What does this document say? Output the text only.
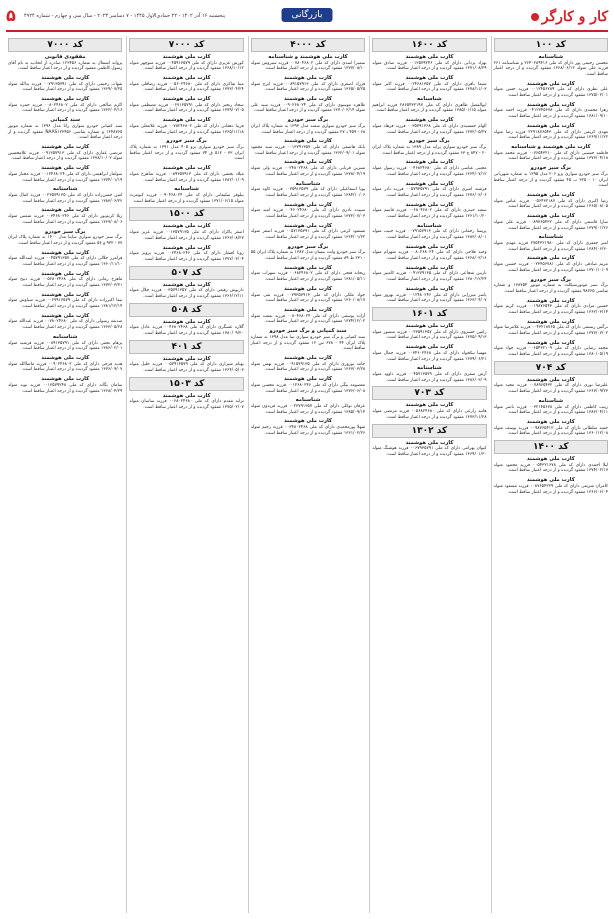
کار و کارگر
بازرگانی
پنجشنبه ۱۶ آذر ۱۴۰۲ - ۲۲ جمادی‌الاول ۱۴۴۵ - ۷ دسامبر ۲۰۲۳ - سال سی و چهارم - شماره ۴۹۲۴
۵
کد ۱۰۰
شناسنامه
محسن رحیمی پور دارای کد ملی ۲۶۴۰۲۸۹۴۱۶ و شناسنامه ۲۶۱ فرزند علی متولد ۱۳۶۸/۰۶/۱۲ مفقود گردیده و از درجه اعتبار ساقط است.
کارت ملی هوشمند
علی نظری دارای کد ملی ۰۰۱۲۴۵۶۷۸۹ فرزند حسن متولد ۱۳۷۵/۰۲/۰۱ مفقود گردیده و از درجه اعتبار ساقط است.
کارت ملی هوشمند
زهرا محمدی دارای کد ملی ۰۴۱۲۳۴۵۶۷۸ فرزند احمد متولد ۱۳۸۱/۰۹/۱۰ مفقود گردیده و از درجه اعتبار ساقط است.
کارت ملی هوشمند
مهدی کریمی دارای کد ملی ۲۲۹۱۸۷۶۵۴۳ فرزند رضا متولد ۱۳۶۹/۱۱/۲۲ مفقود گردیده و از درجه اعتبار ساقط است.
کارت ملی هوشمند و شناسنامه
فاطمه حسینی دارای کد ملی ۰۰۷۶۵۴۳۲۱۰ فرزند محمد متولد ۱۳۷۳/۰۴/۱۸ مفقود گردیده و از درجه اعتبار ساقط است.
برگ سبز خودرو
برگ سبز خودرو سواری پژو ۲۰۶ مدل ۱۳۹۵ به شماره شهربانی ایران ۱۰ - ۳۲۵ ب ۴۵ مفقود گردیده و از درجه اعتبار ساقط است.
کارت ملی هوشمند
رضا اکبری دارای کد ملی ۰۰۵۶۴۳۲۱۸۷ فرزند عباس متولد ۱۳۶۵/۰۸/۰۵ مفقود گردیده و از درجه اعتبار ساقط است.
کارت ملی هوشمند
سارا قاسمی دارای کد ملی ۰۰۸۹۷۶۵۴۳۲ فرزند علی متولد ۱۳۷۹/۰۱/۲۶ مفقود گردیده و از درجه اعتبار ساقط است.
شناسنامه
امیر جعفری دارای کد ملی ۲۷۵۴۳۲۱۹۸۰ فرزند مهدی متولد ۱۳۸۴/۰۶/۳۰ مفقود گردیده و از درجه اعتبار ساقط است.
کارت ملی هوشمند
مریم صادقی دارای کد ملی ۰۰۲۳۴۵۶۷۸۱ فرزند حسین متولد ۱۳۷۰/۱۰/۰۹ مفقود گردیده و از درجه اعتبار ساقط است.
برگ سبز خودرو
برگ سبز موتورسیکلت به شماره موتور ۱۳۸۷۵۴ و شماره شاسی ۹۸۷۶۵ مفقود گردیده و از درجه اعتبار ساقط است.
کارت ملی هوشمند
حسین مرادی دارای کد ملی ۰۰۱۹۸۷۶۵۴۳ فرزند کریم متولد ۱۳۶۲/۰۳/۱۴ مفقود گردیده و از درجه اعتبار ساقط است.
کارت ملی هوشمند
نرگس رستمی دارای کد ملی ۰۰۴۳۲۱۸۷۶۵ فرزند غلامرضا متولد ۱۳۷۷/۰۷/۰۲ مفقود گردیده و از درجه اعتبار ساقط است.
کارت ملی هوشمند
محمد رضایی دارای کد ملی ۰۰۶۵۴۳۲۱۰۹ فرزند جواد متولد ۱۳۸۰/۰۵/۱۹ مفقود گردیده و از درجه اعتبار ساقط است.
کد ۷۰۴
کارت ملی هوشمند
علیرضا نوری دارای کد ملی ۰۰۷۸۹۶۵۴۳۲ فرزند مجید متولد ۱۳۶۷/۰۹/۲۳ مفقود گردیده و از درجه اعتبار ساقط است.
شناسنامه
زینب کاظمی دارای کد ملی ۰۰۳۲۱۴۵۶۷۸ فرزند ناصر متولد ۱۳۸۲/۰۴/۱۱ مفقود گردیده و از درجه اعتبار ساقط است.
کارت ملی هوشمند
حمید سلطانی دارای کد ملی ۰۰۹۸۷۶۵۴۱۲ فرزند یوسف متولد ۱۳۶۰/۱۲/۰۸ مفقود گردیده و از درجه اعتبار ساقط است.
کد ۱۴۰۰
کارت ملی هوشمند
لیلا احمدی دارای کد ملی ۰۰۵۴۳۲۱۶۷۸ فرزند محمود متولد ۱۳۷۴/۰۲/۱۷ مفقود گردیده و از درجه اعتبار ساقط است.
کارت ملی هوشمند
کامران شریفی دارای کد ملی ۰۰۸۷۶۵۴۳۲۹ فرزند مسعود متولد ۱۳۶۶/۰۶/۰۴ مفقود گردیده و از درجه اعتبار ساقط است.
کد ۱۶۰۰
کارت ملی هوشمند
بهزاد یزدانی دارای کد ملی ۰۰۱۳۵۷۹۲۴۶ فرزند صادق متولد ۱۳۷۱/۰۸/۲۹ مفقود گردیده و از درجه اعتبار ساقط است.
کارت ملی هوشمند
شیما باقری دارای کد ملی ۰۰۲۴۶۸۱۳۵۷ فرزند اکبر متولد ۱۳۷۸/۱۱/۰۳ مفقود گردیده و از درجه اعتبار ساقط است.
شناسنامه
ابوالفضل طاهری دارای کد ملی ۲۸۶۵۴۳۲۱۹۷ فرزند ابراهیم متولد ۱۳۸۵/۰۱/۱۵ مفقود گردیده و از درجه اعتبار ساقط است.
کارت ملی هوشمند
الهام جمشیدی دارای کد ملی ۰۰۳۵۷۹۱۳۶۸ فرزند فرهاد متولد ۱۳۷۲/۰۵/۲۷ مفقود گردیده و از درجه اعتبار ساقط است.
برگ سبز خودرو
برگ سبز خودرو سواری پراید مدل ۱۳۸۹ به شماره پلاک ایران ۲۰ - ۸۴۷ ج ۶۳ مفقود گردیده و از درجه اعتبار ساقط است.
کارت ملی هوشمند
مجتبی عباسی دارای کد ملی ۰۰۴۶۸۲۴۶۸۰ فرزند رسول متولد ۱۳۶۴/۰۷/۱۲ مفقود گردیده و از درجه اعتبار ساقط است.
کارت ملی هوشمند
فرشته امیری دارای کد ملی ۰۰۵۷۹۳۵۷۹۱ فرزند نادر متولد ۱۳۷۶/۰۳/۰۶ مفقود گردیده و از درجه اعتبار ساقط است.
کارت ملی هوشمند
سعید حیدری دارای کد ملی ۰۰۶۸۰۴۶۸۰۲ فرزند قاسم متولد ۱۳۶۱/۱۰/۲۰ مفقود گردیده و از درجه اعتبار ساقط است.
شناسنامه
پریسا رحمانی دارای کد ملی ۰۰۷۹۱۵۷۹۱۳ فرزند حبیب متولد ۱۳۸۳/۰۸/۰۱ مفقود گردیده و از درجه اعتبار ساقط است.
کارت ملی هوشمند
وحید فلاحی دارای کد ملی ۰۰۸۰۲۶۸۰۲۴ فرزند شهرام متولد ۱۳۶۸/۰۲/۱۶ مفقود گردیده و از درجه اعتبار ساقط است.
کارت ملی هوشمند
نازنین شجاعی دارای کد ملی ۰۰۹۱۳۷۹۱۳۵ فرزند کامبیز متولد ۱۳۸۰/۱۲/۲۴ مفقود گردیده و از درجه اعتبار ساقط است.
کارت ملی هوشمند
یاسر میرزایی دارای کد ملی ۰۰۱۲۴۸۰۲۴۶ فرزند بهروز متولد ۱۳۶۳/۰۴/۰۷ مفقود گردیده و از درجه اعتبار ساقط است.
کد ۱۶۰۱
کارت ملی هوشمند
رامین خسروی دارای کد ملی ۰۰۲۳۵۹۱۳۵۷ فرزند منصور متولد ۱۳۷۵/۰۹/۱۳ مفقود گردیده و از درجه اعتبار ساقط است.
کارت ملی هوشمند
مهسا نیکخواه دارای کد ملی ۰۰۳۴۶۰۲۴۶۸ فرزند جمال متولد ۱۳۷۹/۰۶/۲۱ مفقود گردیده و از درجه اعتبار ساقط است.
شناسنامه
آرش صفری دارای کد ملی ۰۰۴۵۷۱۳۵۷۹ فرزند داوود متولد ۱۳۸۶/۰۳/۰۹ مفقود گردیده و از درجه اعتبار ساقط است.
کد ۷۰۳
کارت ملی هوشمند
هانیه زارعی دارای کد ملی ۰۰۵۶۸۲۴۶۸۰ فرزند مرتضی متولد ۱۳۷۳/۱۱/۲۸ مفقود گردیده و از درجه اعتبار ساقط است.
کد ۱۳۰۲
کارت ملی هوشمند
کیوان بهرامی دارای کد ملی ۰۰۶۷۹۳۵۷۹۱ فرزند هوشنگ متولد ۱۳۶۹/۰۱/۳۰ مفقود گردیده و از درجه اعتبار ساقط است.
کد ۴۰۰۰
کارت ملی هوشمند و شناسنامه
سمیرا اسدی دارای کد ملی ۰۰۷۸۰۴۶۸۰۲ فرزند سیروس متولد ۱۳۷۷/۰۸/۱۰ مفقود گردیده و از درجه اعتبار ساقط است.
کارت ملی هوشمند
فرزاد اصغری دارای کد ملی ۰۰۸۹۱۵۷۹۱۳ فرزند ایرج متولد ۱۳۶۵/۰۵/۲۵ مفقود گردیده و از درجه اعتبار ساقط است.
کارت ملی هوشمند
طاهره موسوی دارای کد ملی ۰۰۹۰۲۶۸۰۲۴ فرزند سید علی متولد ۱۳۷۰/۰۲/۱۴ مفقود گردیده و از درجه اعتبار ساقط است.
برگ سبز خودرو
برگ سبز خودرو سواری سمند مدل ۱۳۹۳ به شماره پلاک ایران ۶۸ - ۴۵۹ د ۲۷ مفقود گردیده و از درجه اعتبار ساقط است.
کارت ملی هوشمند
بابک هاشمی دارای کد ملی ۰۰۱۳۷۹۱۳۵۷ فرزند سید محمود متولد ۱۳۶۲/۰۹/۰۱ مفقود گردیده و از درجه اعتبار ساقط است.
کارت ملی هوشمند
نسرین قربانی دارای کد ملی ۰۰۲۴۸۰۲۴۶۸ فرزند ولی متولد ۱۳۷۸/۰۴/۱۹ مفقود گردیده و از درجه اعتبار ساقط است.
شناسنامه
پویا اسماعیلی دارای کد ملی ۰۰۳۵۹۱۳۵۷۹ فرزند کاوه متولد ۱۳۸۴/۱۰/۰۶ مفقود گردیده و از درجه اعتبار ساقط است.
کارت ملی هوشمند
سپیده نادری دارای کد ملی ۰۰۴۶۰۲۴۶۸۰ فرزند امید متولد ۱۳۷۲/۰۷/۰۳ مفقود گردیده و از درجه اعتبار ساقط است.
کارت ملی هوشمند
مسعود کرمی دارای کد ملی ۰۰۵۷۱۳۵۷۹۱ فرزند اصغر متولد ۱۳۶۴/۰۱/۲۲ مفقود گردیده و از درجه اعتبار ساقط است.
برگ سبز خودرو
برگ سبز خودرو وانت نیسان مدل ۱۳۸۷ به شماره پلاک ایران ۵۵ - ۲۳۱ ط ۸۹ مفقود گردیده و از درجه اعتبار ساقط است.
کارت ملی هوشمند
ریحانه فتحی دارای کد ملی ۰۰۶۸۲۴۶۸۰۲ فرزند سهراب متولد ۱۳۸۱/۰۵/۱۱ مفقود گردیده و از درجه اعتبار ساقط است.
کارت ملی هوشمند
جواد ملکی دارای کد ملی ۰۰۷۹۳۵۷۹۱۳ فرزند تقی متولد ۱۳۶۰/۰۸/۱۷ مفقود گردیده و از درجه اعتبار ساقط است.
کارت ملی هوشمند
آزاده یوسفی دارای کد ملی ۰۰۸۰۴۶۸۰۲۴ فرزند نعمت متولد ۱۳۷۴/۱۲/۰۲ مفقود گردیده و از درجه اعتبار ساقط است.
سند کمپانی و برگ سبز خودرو
سند کمپانی و برگ سبز خودرو سواری تیبا مدل ۱۳۹۸ به شماره پلاک ایران ۴۴ - ۶۷۸ س ۱۲ مفقود گردیده و از درجه اعتبار ساقط است.
کارت ملی هوشمند
حامد نوروزی دارای کد ملی ۰۰۹۱۵۷۹۱۳۵ فرزند بهمن متولد ۱۳۶۷/۰۳/۲۸ مفقود گردیده و از درجه اعتبار ساقط است.
کارت ملی هوشمند
معصومه بیگی دارای کد ملی ۰۰۱۲۶۸۰۲۴۶ فرزند محسن متولد ۱۳۷۶/۰۶/۰۸ مفقود گردیده و از درجه اعتبار ساقط است.
شناسنامه
عرفان توکلی دارای کد ملی ۰۰۲۳۷۹۱۳۵۷ فرزند فریدون متولد ۱۳۸۵/۰۹/۱۴ مفقود گردیده و از درجه اعتبار ساقط است.
کارت ملی هوشمند
شهلا پورمحمدی دارای کد ملی ۰۰۳۴۸۰۲۴۶۸ فرزند رحیم متولد ۱۳۶۱/۰۲/۲۶ مفقود گردیده و از درجه اعتبار ساقط است.
کد ۷۰۰۰
کارت ملی هوشمند
کورش عزیزی دارای کد ملی ۰۰۴۵۹۱۳۵۷۹ فرزند منوچهر متولد ۱۳۶۸/۱۰/۱۲ مفقود گردیده و از درجه اعتبار ساقط است.
کارت ملی هوشمند
مینا شاکری دارای کد ملی ۰۰۵۶۰۲۴۶۸۰ فرزند رضاقلی متولد ۱۳۷۳/۰۴/۲۴ مفقود گردیده و از درجه اعتبار ساقط است.
کارت ملی هوشمند
سجاد رنجبر دارای کد ملی ۰۰۶۷۱۳۵۷۹۱ فرزند مصطفی متولد ۱۳۷۹/۰۷/۰۵ مفقود گردیده و از درجه اعتبار ساقط است.
کارت ملی هوشمند
فریبا دهقانی دارای کد ملی ۰۰۷۸۲۴۶۸۰۲ فرزند غلامعلی متولد ۱۳۶۵/۱۱/۱۸ مفقود گردیده و از درجه اعتبار ساقط است.
برگ سبز خودرو
برگ سبز خودرو سواری پژو ۴۰۵ مدل ۱۳۹۱ به شماره پلاک ایران ۳۳ - ۵۱۲ ق ۷۴ مفقود گردیده و از درجه اعتبار ساقط است.
کارت ملی هوشمند
میلاد بخشی دارای کد ملی ۰۰۸۹۳۵۷۹۱۳ فرزند شاهرخ متولد ۱۳۸۲/۰۱/۰۹ مفقود گردیده و از درجه اعتبار ساقط است.
شناسنامه
نیلوفر سلیمانی دارای کد ملی ۰۰۹۰۴۶۸۰۲۴ فرزند کیومرث متولد ۱۳۷۱/۰۶/۱۵ مفقود گردیده و از درجه اعتبار ساقط است.
کد ۱۵۰۰
کارت ملی هوشمند
اصغر پاکزاد دارای کد ملی ۰۰۱۳۵۷۹۱۳۵ فرزند عزیز متولد ۱۳۶۳/۰۸/۲۷ مفقود گردیده و از درجه اعتبار ساقط است.
کارت ملی هوشمند
رویا افشار دارای کد ملی ۰۰۲۴۶۸۰۲۴۶ فرزند پرویز متولد ۱۳۷۷/۰۳/۰۴ مفقود گردیده و از درجه اعتبار ساقط است.
کد ۵۰۷
کارت ملی هوشمند
داریوش رفیعی دارای کد ملی ۰۰۳۵۷۹۱۳۵۷ فرزند جلال متولد ۱۳۶۶/۱۲/۱۱ مفقود گردیده و از درجه اعتبار ساقط است.
کد ۵۰۸
کارت ملی هوشمند
گلاره عسگری دارای کد ملی ۰۰۴۶۸۰۲۴۶۸ فرزند عادل متولد ۱۳۸۰/۰۹/۲۰ مفقود گردیده و از درجه اعتبار ساقط است.
کد ۴۰۱
کارت ملی هوشمند
بهنام شیرازی دارای کد ملی ۰۰۵۷۹۱۳۵۷۹ فرزند خلیل متولد ۱۳۶۴/۰۵/۰۳ مفقود گردیده و از درجه اعتبار ساقط است.
کد ۱۵۰۳
کارت ملی هوشمند
ترانه مقدم دارای کد ملی ۰۰۶۸۰۲۴۶۸۰ فرزند ساسان متولد ۱۳۷۵/۰۲/۰۷ مفقود گردیده و از درجه اعتبار ساقط است.
کد ۷۰۰۰
مفقودی قانونی
پروانه اشتغال به شماره ۱۲۳۴۵۶ صادره از اتحادیه به نام آقای رسول کاظمی مفقود گردیده و از درجه اعتبار ساقط است.
کارت ملی هوشمند
شهاب رحیمی دارای کد ملی ۰۰۷۹۱۳۵۷۹۱ فرزند یدالله متولد ۱۳۶۹/۰۷/۲۵ مفقود گردیده و از درجه اعتبار ساقط است.
کارت ملی هوشمند
اکرم صالحی دارای کد ملی ۰۰۸۰۲۴۶۸۰۲ فرزند حمزه متولد ۱۳۶۲/۰۴/۱۶ مفقود گردیده و از درجه اعتبار ساقط است.
سند کمپانی
سند کمپانی خودرو سواری رانا مدل ۱۳۹۶ به شماره موتور ۱۲۴۸۷۶۵ و شماره شاسی NAAS۱۲۳۴۵۶ مفقود گردیده و از درجه اعتبار ساقط است.
کارت ملی هوشمند
مرتضی غفاری دارای کد ملی ۰۰۹۱۳۵۷۹۱۳ فرزند غلامحسین متولد ۱۳۷۸/۱۰/۰۲ مفقود گردیده و از درجه اعتبار ساقط است.
کارت ملی هوشمند
سولماز ابراهیمی دارای کد ملی ۰۰۱۲۴۶۸۰۲۴ فرزند مختار متولد ۱۳۷۴/۰۱/۱۹ مفقود گردیده و از درجه اعتبار ساقط است.
شناسنامه
امین حسن‌زاده دارای کد ملی ۰۰۲۳۵۷۹۱۳۵ فرزند کمال متولد ۱۳۸۳/۰۶/۲۳ مفقود گردیده و از درجه اعتبار ساقط است.
کارت ملی هوشمند
ژیلا کریم‌پور دارای کد ملی ۰۰۳۴۶۸۰۲۴۶ فرزند شمس متولد ۱۳۶۷/۰۸/۰۶ مفقود گردیده و از درجه اعتبار ساقط است.
برگ سبز خودرو
برگ سبز خودرو سواری ساینا مدل ۱۴۰۰ به شماره پلاک ایران ۷۷ - ۹۳۲ و ۵۶ مفقود گردیده و از درجه اعتبار ساقط است.
کارت ملی هوشمند
فرامرز جلالی دارای کد ملی ۰۰۴۵۷۹۱۳۵۷ فرزند اسدالله متولد ۱۳۶۰/۱۱/۱۰ مفقود گردیده و از درجه اعتبار ساقط است.
کارت ملی هوشمند
ماهرخ زمانی دارای کد ملی ۰۰۵۶۸۰۲۴۶۸ فرزند ذبیح متولد ۱۳۷۲/۰۳/۳۱ مفقود گردیده و از درجه اعتبار ساقط است.
کارت ملی هوشمند
نیما اکبرزاده دارای کد ملی ۰۰۶۷۹۱۳۵۷۹ فرزند سیاوش متولد ۱۳۸۱/۱۲/۱۴ مفقود گردیده و از درجه اعتبار ساقط است.
کارت ملی هوشمند
صدیقه رسولی دارای کد ملی ۰۰۷۸۰۲۴۶۸۰ فرزند عبدالله متولد ۱۳۶۳/۰۵/۲۸ مفقود گردیده و از درجه اعتبار ساقط است.
شناسنامه
پرهام نجفی دارای کد ملی ۰۰۸۹۱۳۵۷۹۱ فرزند فرشید متولد ۱۳۸۶/۰۲/۰۱ مفقود گردیده و از درجه اعتبار ساقط است.
کارت ملی هوشمند
هدیه فرجی دارای کد ملی ۰۰۹۰۲۴۶۸۰۲ فرزند ماشاالله متولد ۱۳۷۶/۰۹/۰۷ مفقود گردیده و از درجه اعتبار ساقط است.
کارت ملی هوشمند
سامان یگانه دارای کد ملی ۰۰۱۳۵۷۹۲۴۸ فرزند نوید متولد ۱۳۶۸/۰۴/۲۹ مفقود گردیده و از درجه اعتبار ساقط است.
